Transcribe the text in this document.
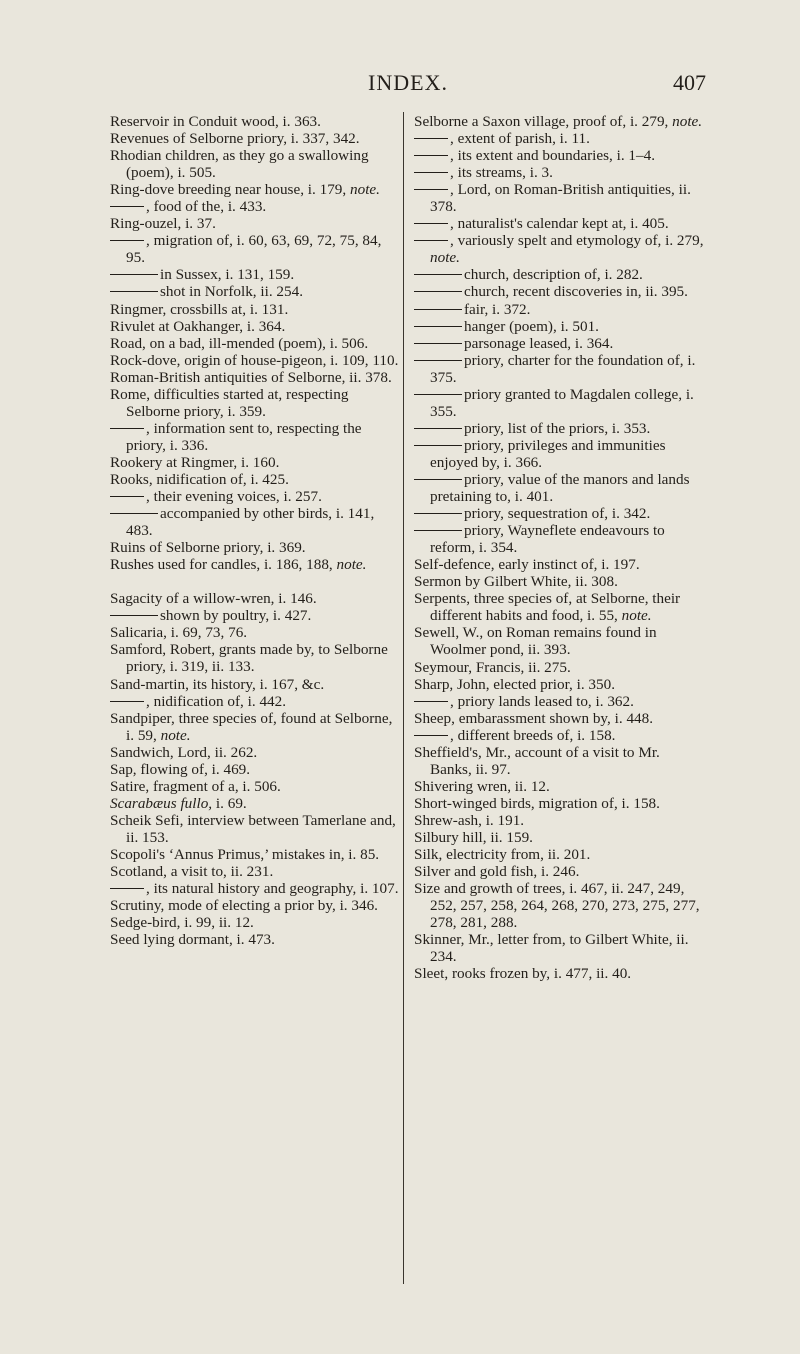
INDEX.	407

Reservoir in Conduit wood, i. 363.

Revenues of Selborne priory, i. 337, 342.

Rhodian children, as they go a swallowing (poem), i. 505.

Ring-dove breeding near house, i. 179, note.

, food of the, i. 433.

Ring-ouzel, i. 37.

, migration of, i. 60, 63, 69, 72, 75, 84, 95.

in Sussex, i. 131, 159.

shot in Norfolk, ii. 254.

Ringmer, crossbills at, i. 131.

Rivulet at Oakhanger, i. 364.

Road, on a bad, ill-mended (poem), i. 506.

Rock-dove, origin of house-pigeon, i. 109, 110.

Roman-British antiquities of Selborne, ii. 378.

Rome, difficulties started at, respecting Selborne priory, i. 359.

, information sent to, respecting the priory, i. 336.

Rookery at Ringmer, i. 160.

Rooks, nidification of, i. 425.

, their evening voices, i. 257.

accompanied by other birds, i. 141, 483.

Ruins of Selborne priory, i. 369.

Rushes used for candles, i. 186, 188, note.

Sagacity of a willow-wren, i. 146.

shown by poultry, i. 427.

Salicaria, i. 69, 73, 76.

Samford, Robert, grants made by, to Selborne priory, i. 319, ii. 133.

Sand-martin, its history, i. 167, &c.

, nidification of, i. 442.

Sandpiper, three species of, found at Selborne, i. 59, note.

Sandwich, Lord, ii. 262.

Sap, flowing of, i. 469.

Satire, fragment of a, i. 506.

Scarabæus fullo, i. 69.

Scheik Sefi, interview between Tamerlane and, ii. 153.

Scopoli's ‘Annus Primus,’ mistakes in, i. 85.

Scotland, a visit to, ii. 231.

, its natural history and geography, i. 107.

Scrutiny, mode of electing a prior by, i. 346.

Sedge-bird, i. 99, ii. 12.

Seed lying dormant, i. 473.

Selborne a Saxon village, proof of, i. 279, note.

, extent of parish, i. 11.

, its extent and boundaries, i. 1–4.

, its streams, i. 3.

, Lord, on Roman-British antiquities, ii. 378.

, naturalist's calendar kept at, i. 405.

, variously spelt and etymology of, i. 279, note.

church, description of, i. 282.

church, recent discoveries in, ii. 395.

fair, i. 372.

hanger (poem), i. 501.

parsonage leased, i. 364.

priory, charter for the foundation of, i. 375.

priory granted to Magdalen college, i. 355.

priory, list of the priors, i. 353.

priory, privileges and immunities enjoyed by, i. 366.

priory, value of the manors and lands pretaining to, i. 401.

priory, sequestration of, i. 342.

priory, Wayneflete endeavours to reform, i. 354.

Self-defence, early instinct of, i. 197.

Sermon by Gilbert White, ii. 308.

Serpents, three species of, at Selborne, their different habits and food, i. 55, note.

Sewell, W., on Roman remains found in Woolmer pond, ii. 393.

Seymour, Francis, ii. 275.

Sharp, John, elected prior, i. 350.

, priory lands leased to, i. 362.

Sheep, embarassment shown by, i. 448.

, different breeds of, i. 158.

Sheffield's, Mr., account of a visit to Mr. Banks, ii. 97.

Shivering wren, ii. 12.

Short-winged birds, migration of, i. 158.

Shrew-ash, i. 191.

Silbury hill, ii. 159.

Silk, electricity from, ii. 201.

Silver and gold fish, i. 246.

Size and growth of trees, i. 467, ii. 247, 249, 252, 257, 258, 264, 268, 270, 273, 275, 277, 278, 281, 288.

Skinner, Mr., letter from, to Gilbert White, ii. 234.

Sleet, rooks frozen by, i. 477, ii. 40.
